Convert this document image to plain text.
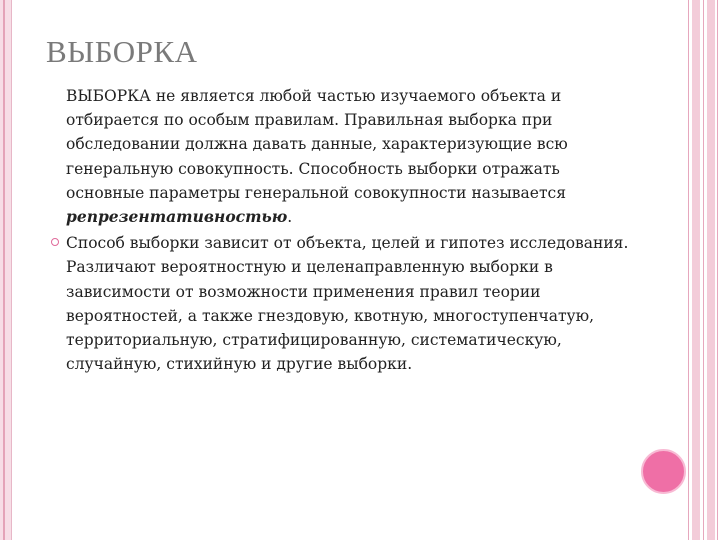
ВЫБОРКА

ВЫБОРКА не является любой частью изучаемого объекта и отбирается по особым правилам. Правильная выборка при обследовании должна давать данные, характеризующие всю генеральную совокупность. Способность выборки отражать основные параметры генеральной совокупности называется репрезентативностью.

Способ выборки зависит от объекта, целей и гипотез исследования. Различают вероятностную и целенаправленную выборки в зависимости от возможности применения правил теории вероятностей, а также гнездовую, квотную, многоступенчатую, территориальную, стратифицированную, систематическую, случайную, стихийную и другие выборки.
